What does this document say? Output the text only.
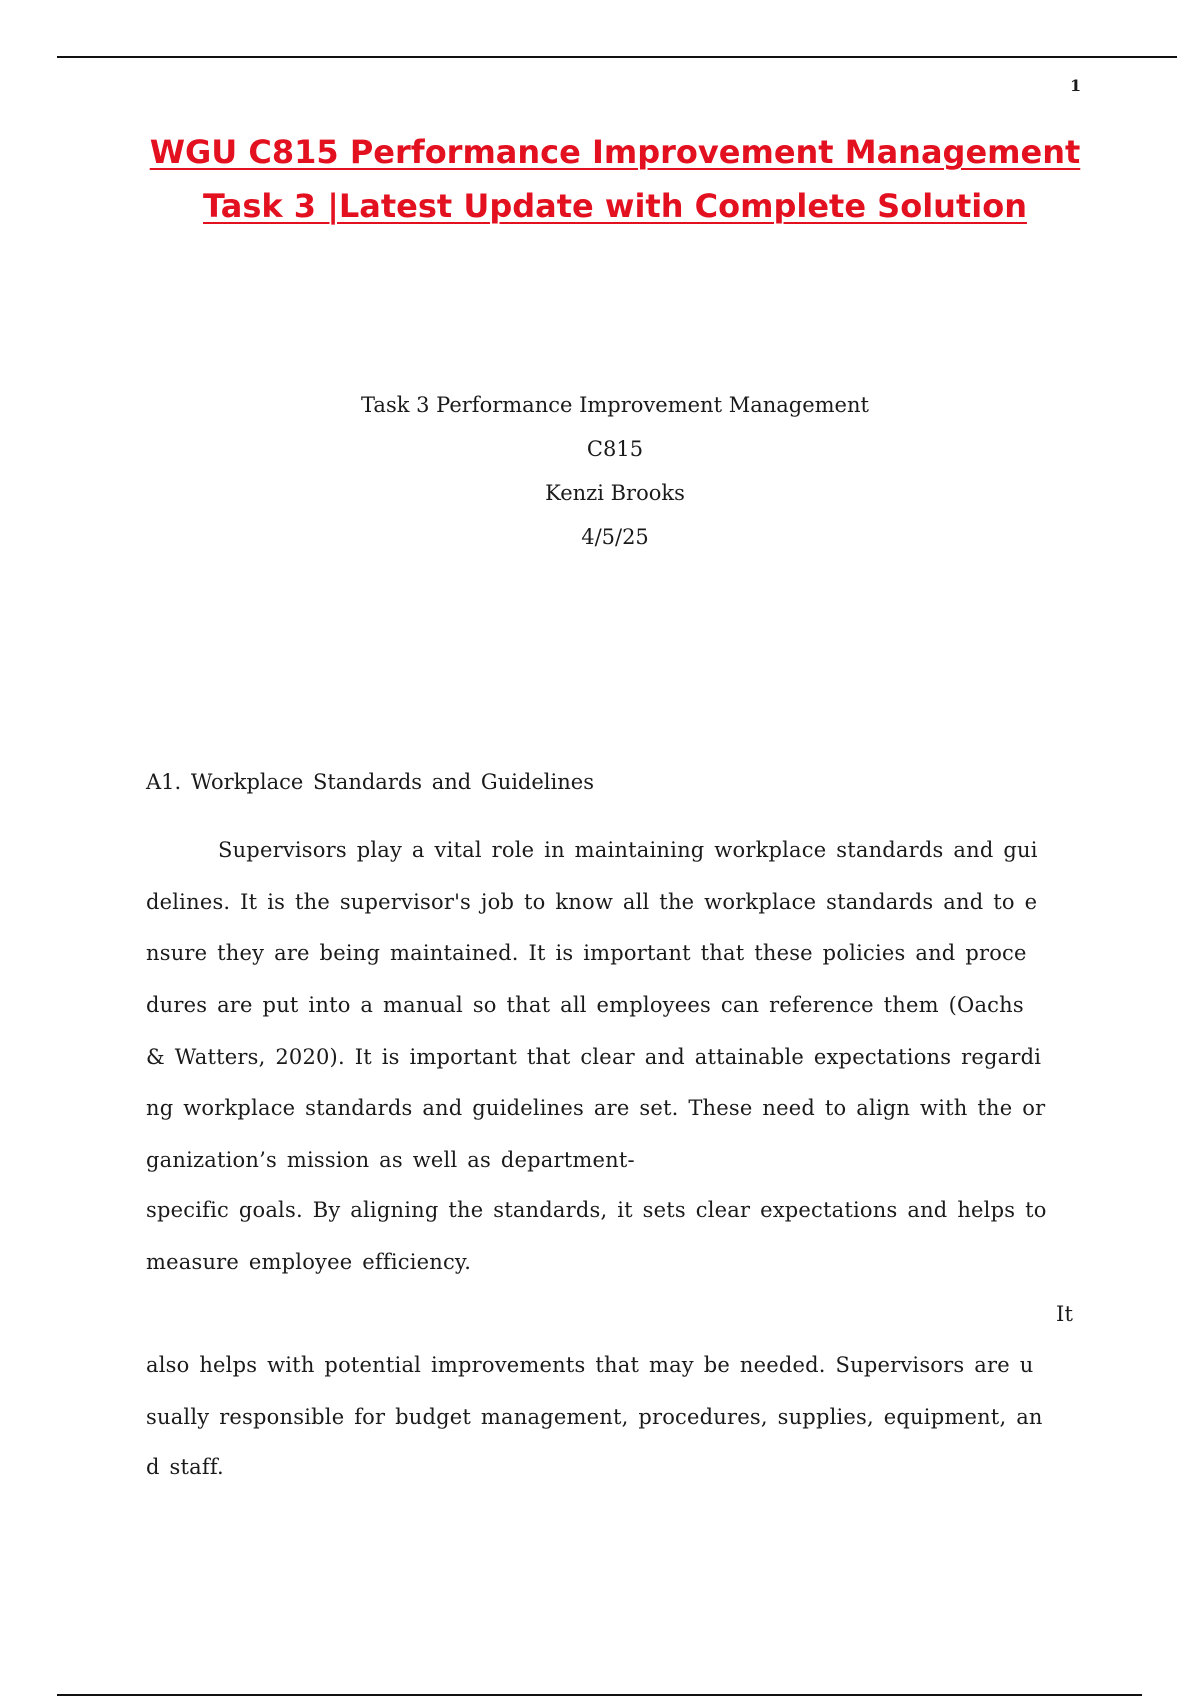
1
WGU C815 Performance Improvement Management
Task 3 |Latest Update with Complete Solution
Task 3 Performance Improvement Management
C815
Kenzi Brooks
4/5/25
A1. Workplace Standards and Guidelines
Supervisors play a vital role in maintaining workplace standards and gui
delines. It is the supervisor's job to know all the workplace standards and to e
nsure they are being maintained. It is important that these policies and proce
dures are put into a manual so that all employees can reference them (Oachs
& Watters, 2020). It is important that clear and attainable expectations regardi
ng workplace standards and guidelines are set. These need to align with the or
ganization’s mission as well as department-
specific goals. By aligning the standards, it sets clear expectations and helps to
measure employee efficiency.
It
also helps with potential improvements that may be needed. Supervisors are u
sually responsible for budget management, procedures, supplies, equipment, an
d staff.
